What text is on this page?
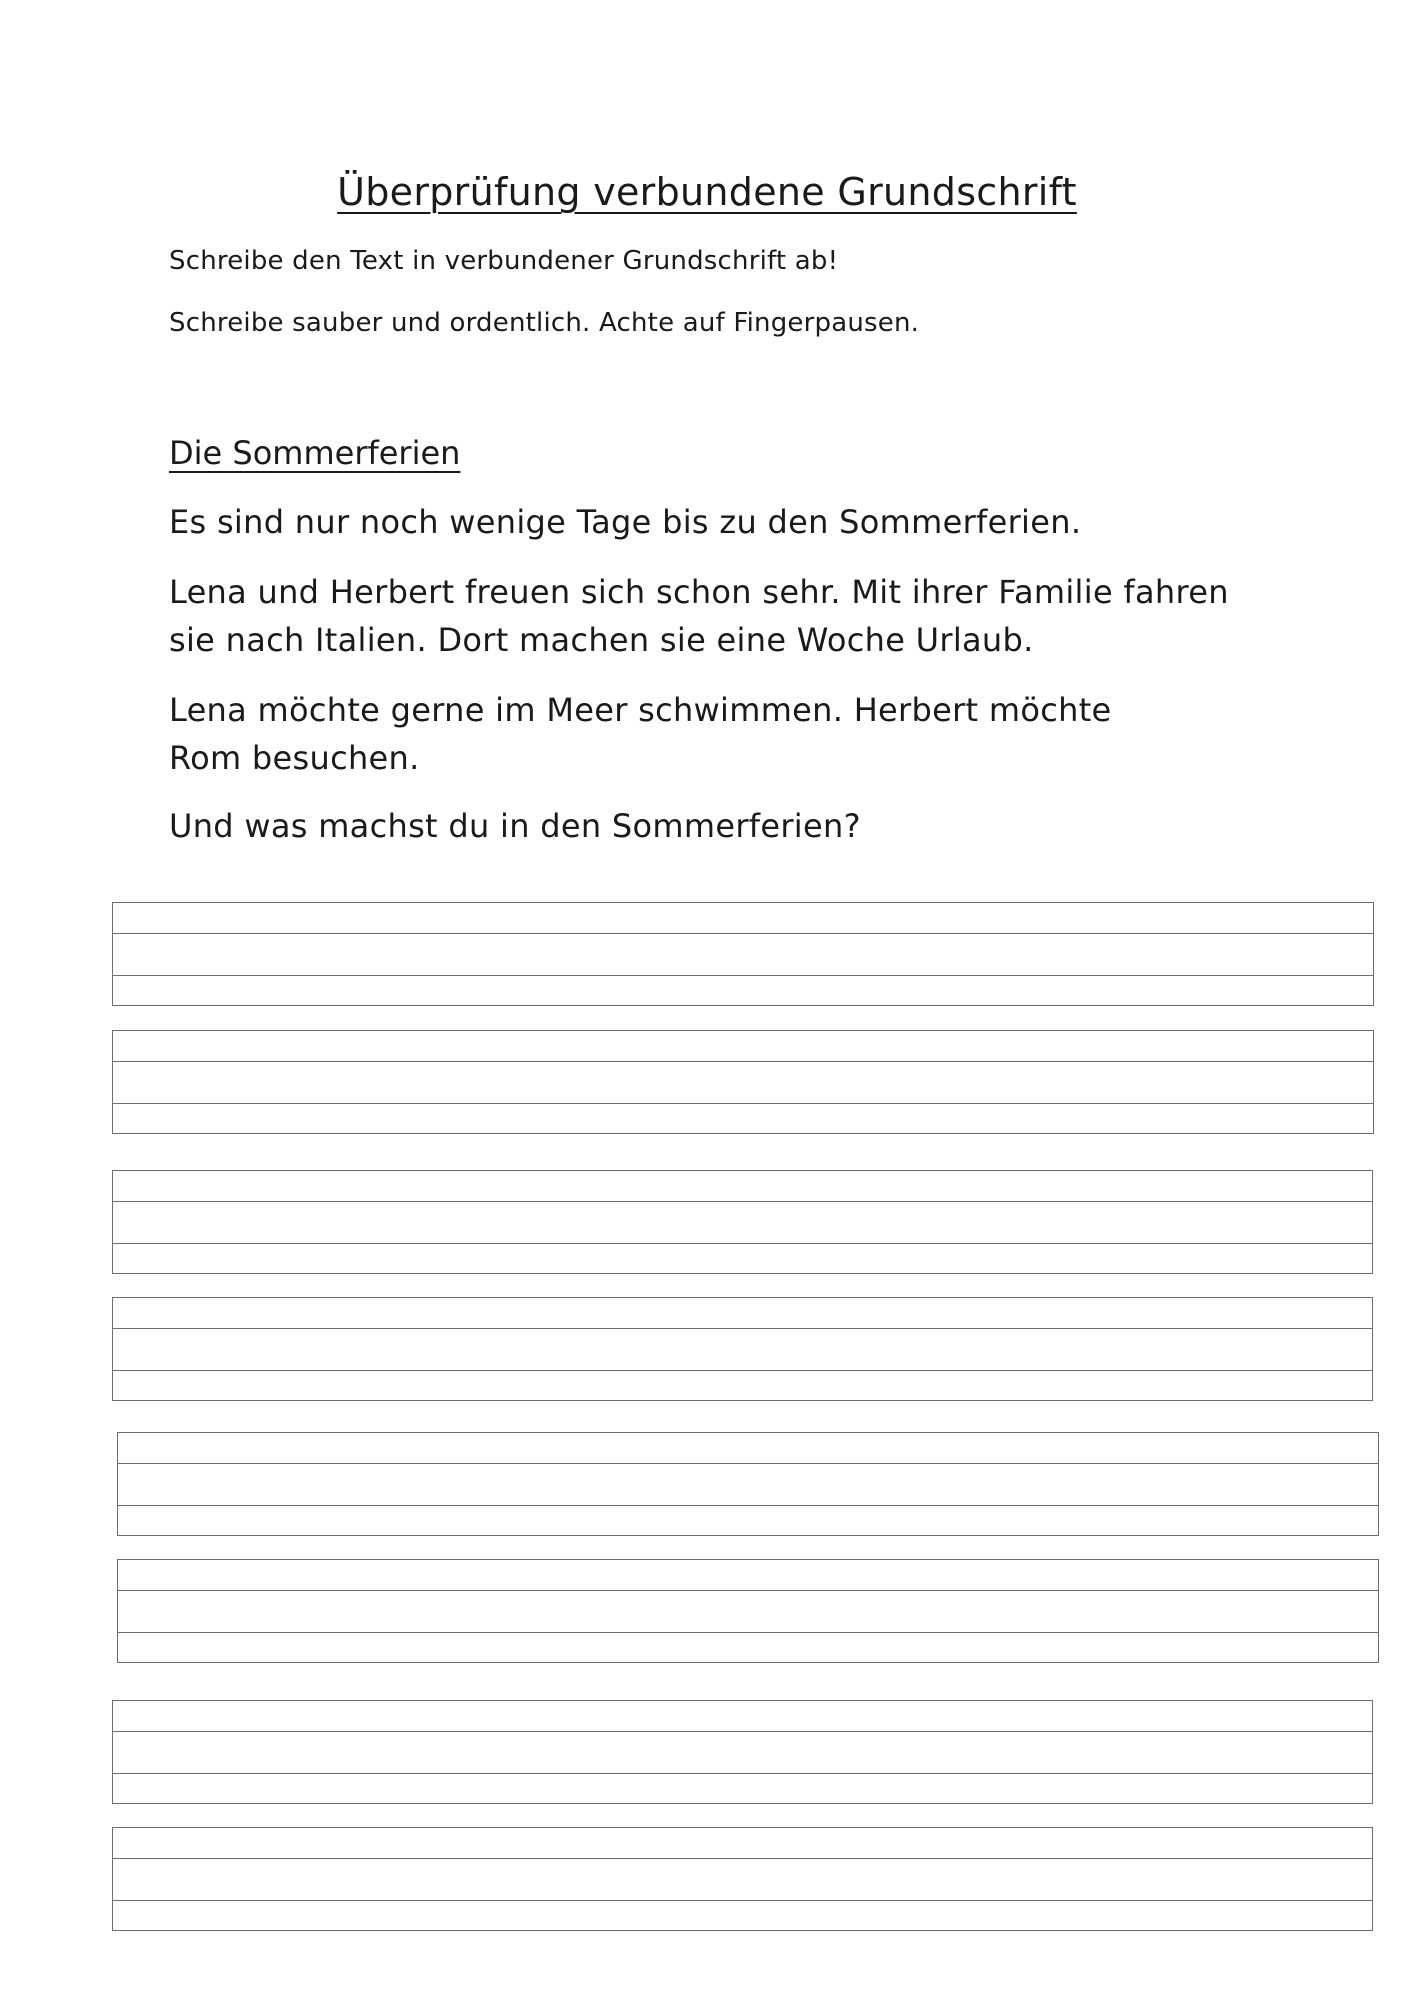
Überprüfung verbundene Grundschrift

Schreibe den Text in verbundener Grundschrift ab!

Schreibe sauber und ordentlich. Achte auf Fingerpausen.

Die Sommerferien

Es sind nur noch wenige Tage bis zu den Sommerferien.

Lena und Herbert freuen sich schon sehr. Mit ihrer Familie fahren sie nach Italien. Dort machen sie eine Woche Urlaub.

Lena möchte gerne im Meer schwimmen. Herbert möchte Rom besuchen.

Und was machst du in den Sommerferien?
